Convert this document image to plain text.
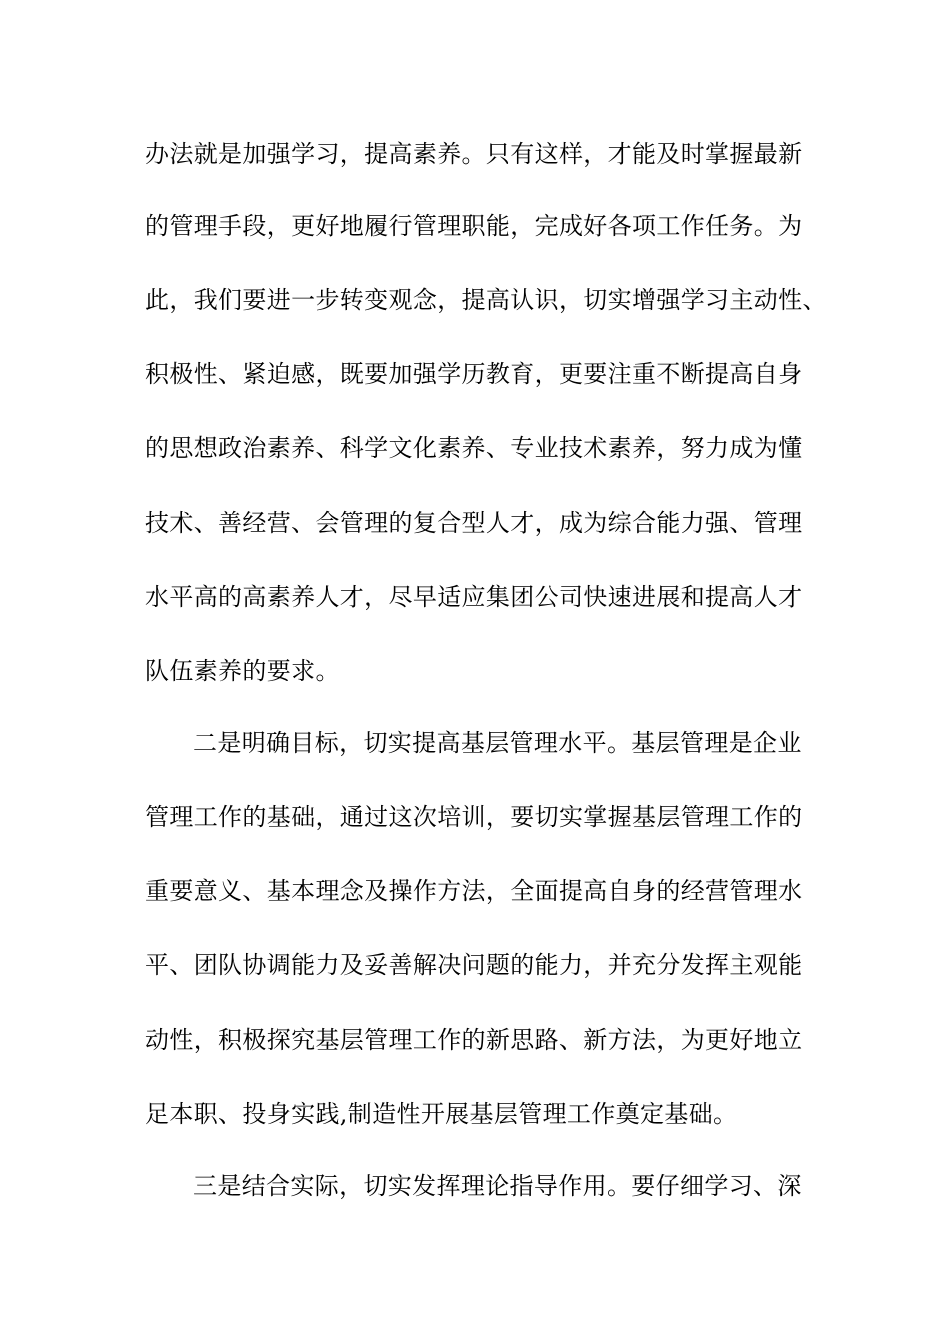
办法就是加强学习，提高素养。只有这样，才能及时掌握最新
的管理手段，更好地履行管理职能，完成好各项工作任务。为
此，我们要进一步转变观念，提高认识，切实增强学习主动性、
积极性、紧迫感，既要加强学历教育，更要注重不断提高自身
的思想政治素养、科学文化素养、专业技术素养，努力成为懂
技术、善经营、会管理的复合型人才，成为综合能力强、管理
水平高的高素养人才，尽早适应集团公司快速进展和提高人才
队伍素养的要求。
二是明确目标，切实提高基层管理水平。基层管理是企业
管理工作的基础，通过这次培训，要切实掌握基层管理工作的
重要意义、基本理念及操作方法，全面提高自身的经营管理水
平、团队协调能力及妥善解决问题的能力，并充分发挥主观能
动性，积极探究基层管理工作的新思路、新方法，为更好地立
足本职、投身实践,制造性开展基层管理工作奠定基础。
三是结合实际，切实发挥理论指导作用。要仔细学习、深
